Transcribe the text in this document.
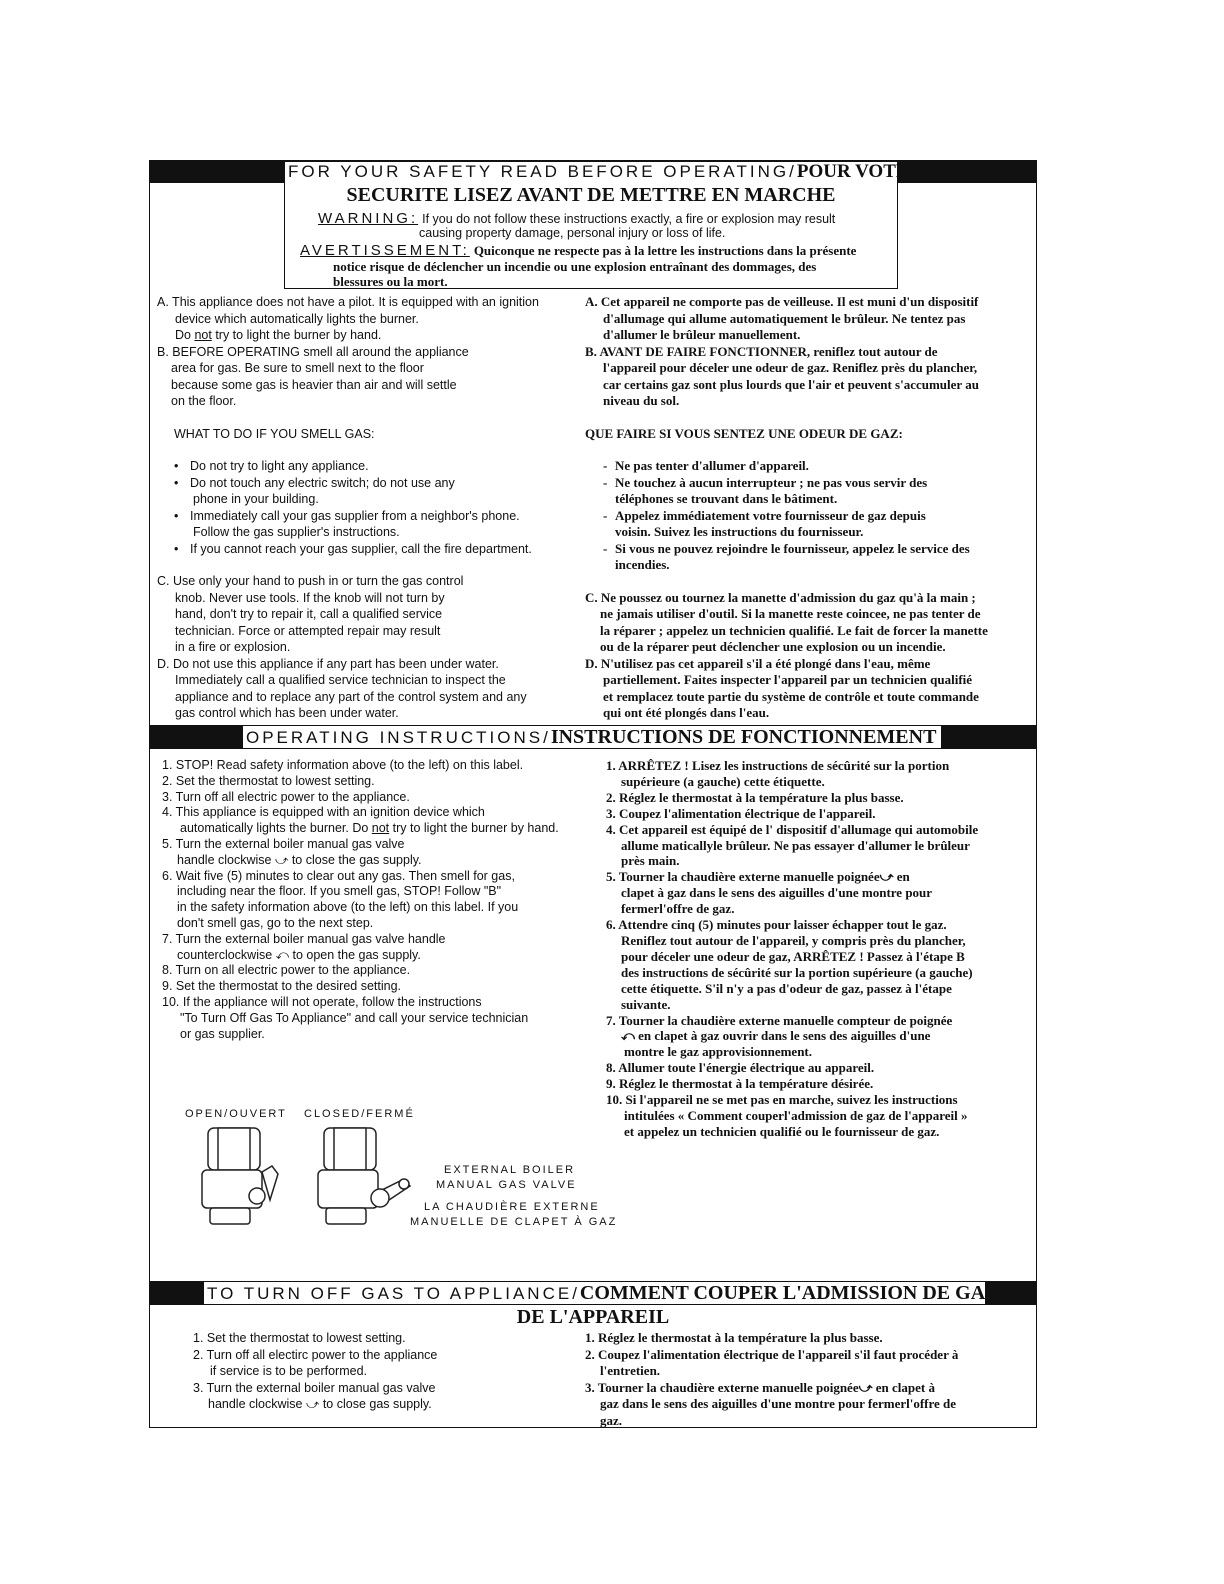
FOR YOUR SAFETY READ BEFORE OPERATING/POUR VOTRE
SECURITE LISEZ AVANT DE METTRE EN MARCHE
WARNING: If you do not follow these instructions exactly, a fire or explosion may result
causing property damage, personal injury or loss of life.
AVERTISSEMENT: Quiconque ne respecte pas à la lettre les instructions dans la présente
notice risque de déclencher un incendie ou une explosion entraînant des dommages, des
blessures ou la mort.

A. This appliance does not have a pilot. It is equipped with an ignition

device which automatically lights the burner.

Do not try to light the burner by hand.

B. BEFORE OPERATING smell all around the appliance

area for gas. Be sure to smell next to the floor

because some gas is heavier than air and will settle

on the floor.

WHAT TO DO IF YOU SMELL GAS:

• Do not try to light any appliance.

• Do not touch any electric switch; do not use any

phone in your building.

• Immediately call your gas supplier from a neighbor's phone.

Follow the gas supplier's instructions.

• If you cannot reach your gas supplier, call the fire department.

C. Use only your hand to push in or turn the gas control

knob. Never use tools. If the knob will not turn by

hand, don't try to repair it, call a qualified service

technician. Force or attempted repair may result

in a fire or explosion.

D. Do not use this appliance if any part has been under water.

Immediately call a qualified service technician to inspect the

appliance and to replace any part of the control system and any

gas control which has been under water.

A. Cet appareil ne comporte pas de veilleuse. Il est muni d'un dispositif

d'allumage qui allume automatiquement le brûleur. Ne tentez pas

d'allumer le brûleur manuellement.

B. AVANT DE FAIRE FONCTIONNER, reniflez tout autour de

l'appareil pour déceler une odeur de gaz. Reniflez près du plancher,

car certains gaz sont plus lourds que l'air et peuvent s'accumuler au

niveau du sol.

QUE FAIRE SI VOUS SENTEZ UNE ODEUR DE GAZ:

- Ne pas tenter d'allumer d'appareil.

- Ne touchez à aucun interrupteur ; ne pas vous servir des

téléphones se trouvant dans le bâtiment.

- Appelez immédiatement votre fournisseur de gaz depuis

voisin. Suivez les instructions du fournisseur.

- Si vous ne pouvez rejoindre le fournisseur, appelez le service des

incendies.

C. Ne poussez ou tournez la manette d'admission du gaz qu'à la main ;

ne jamais utiliser d'outil. Si la manette reste coincee, ne pas tenter de

la réparer ; appelez un technicien qualifié. Le fait de forcer la manette

ou de la réparer peut déclencher une explosion ou un incendie.

D. N'utilisez pas cet appareil s'il a été plongé dans l'eau, même

partiellement. Faites inspecter l'appareil par un technicien qualifié

et remplacez toute partie du système de contrôle et toute commande

qui ont été plongés dans l'eau.

OPERATING INSTRUCTIONS/INSTRUCTIONS DE FONCTIONNEMENT

1. STOP! Read safety information above (to the left) on this label.

2. Set the thermostat to lowest setting.

3. Turn off all electric power to the appliance.

4. This appliance is equipped with an ignition device which

automatically lights the burner. Do not try to light the burner by hand.

5. Turn the external boiler manual gas valve

handle clockwise ⤻ to close the gas supply.

6. Wait five (5) minutes to clear out any gas. Then smell for gas,

including near the floor. If you smell gas, STOP! Follow "B"

in the safety information above (to the left) on this label. If you

don't smell gas, go to the next step.

7. Turn the external boiler manual gas valve handle

counterclockwise ⤺ to open the gas supply.

8. Turn on all electric power to the appliance.

9. Set the thermostat to the desired setting.

10. If the appliance will not operate, follow the instructions

"To Turn Off Gas To Appliance" and call your service technician

or gas supplier.

1. ARRÊTEZ ! Lisez les instructions de sécûrité sur la portion

supérieure (a gauche) cette étiquette.

2. Réglez le thermostat à la température la plus basse.

3. Coupez l'alimentation électrique de l'appareil.

4. Cet appareil est équipé de l' dispositif d'allumage qui automobile

allume maticallyle brûleur. Ne pas essayer d'allumer le brûleur

près main.

5. Tourner la chaudière externe manuelle poignée⤻ en

clapet à gaz dans le sens des aiguilles d'une montre pour

fermerl'offre de gaz.

6. Attendre cinq (5) minutes pour laisser échapper tout le gaz.

Reniflez tout autour de l'appareil, y compris près du plancher,

pour déceler une odeur de gaz, ARRÊTEZ ! Passez à l'étape B

des instructions de sécûrité sur la portion supérieure (a gauche)

cette étiquette. S'il n'y a pas d'odeur de gaz, passez à l'étape

suivante.

7. Tourner la chaudière externe manuelle compteur de poignée

⤺ en clapet à gaz ouvrir dans le sens des aiguilles d'une

montre le gaz approvisionnement.

8. Allumer toute l'énergie électrique au appareil.

9. Réglez le thermostat à la température désirée.

10. Si l'appareil ne se met pas en marche, suivez les instructions

intitulées « Comment couperl'admission de gaz de l'appareil »

et appelez un technicien qualifié ou le fournisseur de gaz.

OPEN/OUVERT CLOSED/FERMÉ
EXTERNAL BOILER
MANUAL GAS VALVE
LA CHAUDIÈRE EXTERNE
MANUELLE DE CLAPET À GAZ
TO TURN OFF GAS TO APPLIANCE/COMMENT COUPER L'ADMISSION DE GAZ
DE L'APPAREIL

1. Set the thermostat to lowest setting.

2. Turn off all electirc power to the appliance

if service is to be performed.

3. Turn the external boiler manual gas valve

handle clockwise ⤻ to close gas supply.

1. Réglez le thermostat à la température la plus basse.

2. Coupez l'alimentation électrique de l'appareil s'il faut procéder à

l'entretien.

3. Tourner la chaudière externe manuelle poignée⤻ en clapet à

gaz dans le sens des aiguilles d'une montre pour fermerl'offre de

gaz.
